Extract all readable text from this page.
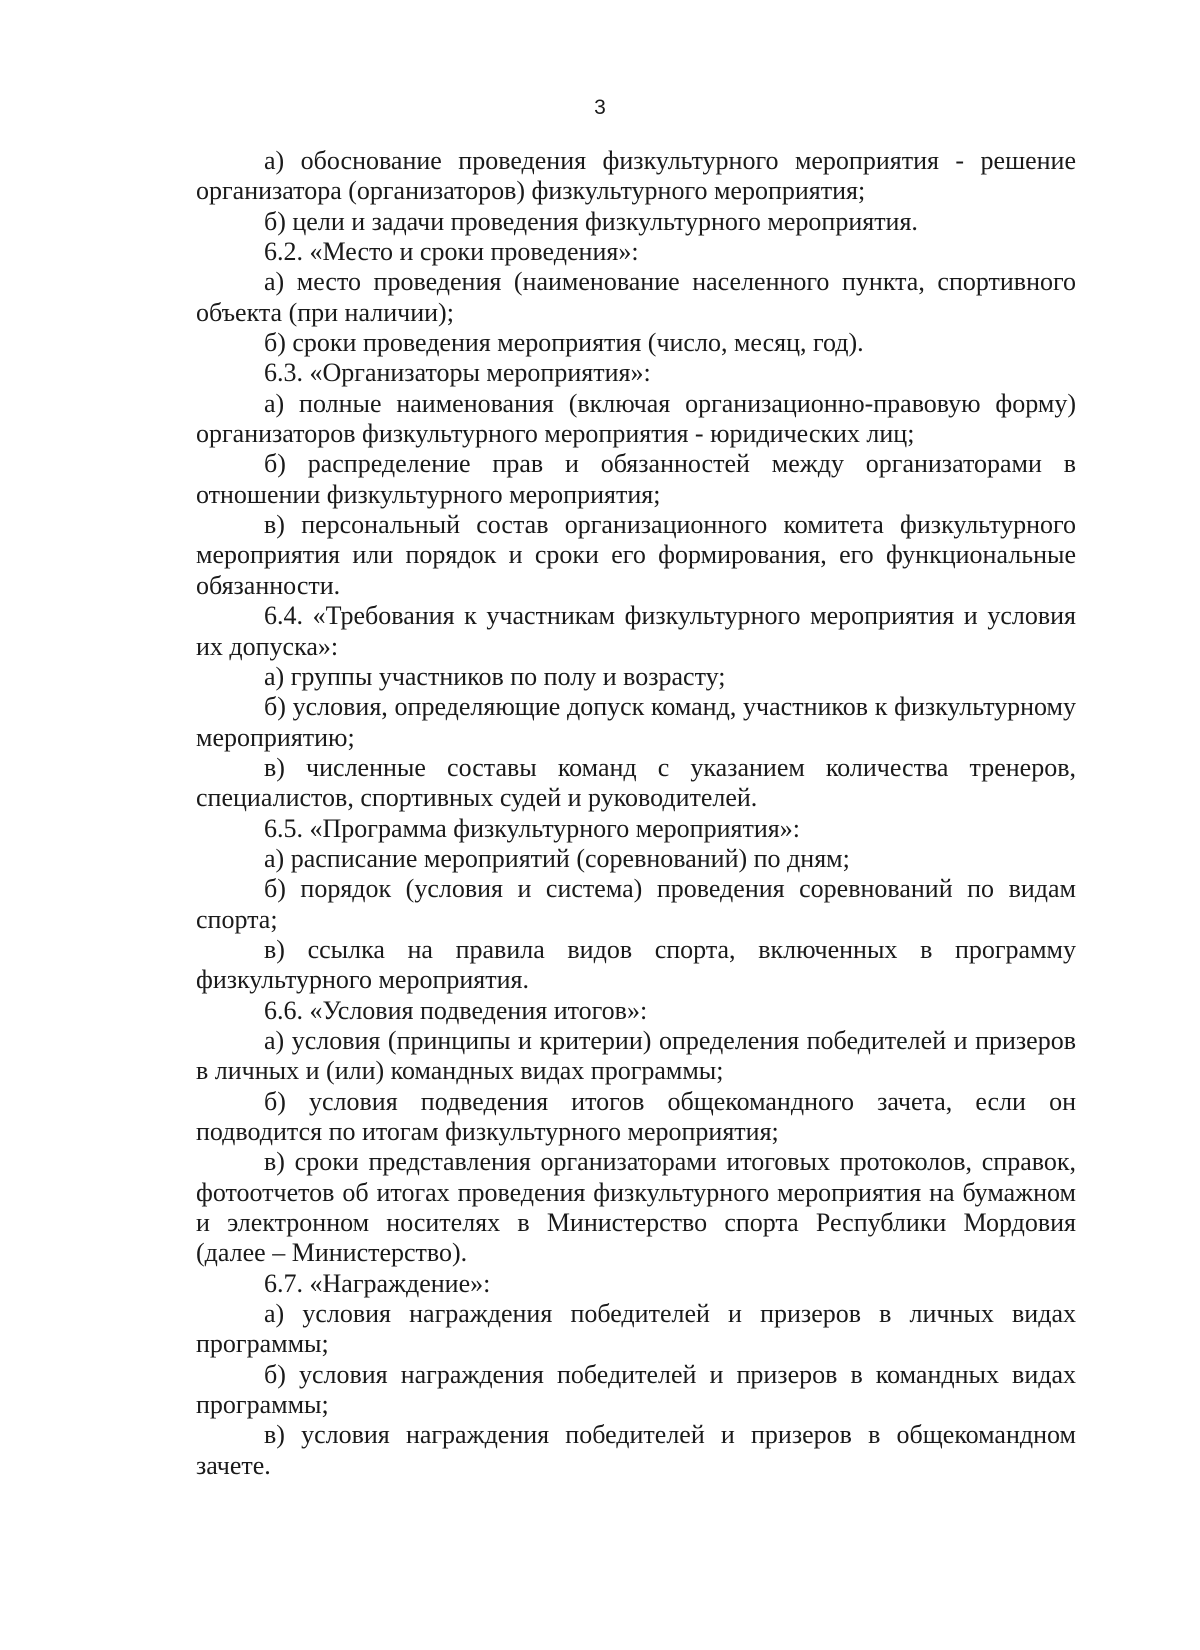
3

а) обоснование проведения физкультурного мероприятия - решение организатора (организаторов) физкультурного мероприятия;

б) цели и задачи проведения физкультурного мероприятия.

6.2. «Место и сроки проведения»:

а) место проведения (наименование населенного пункта, спортивного объекта (при наличии);

б) сроки проведения мероприятия (число, месяц, год).

6.3. «Организаторы мероприятия»:

а) полные наименования (включая организационно-правовую форму) организаторов физкультурного мероприятия - юридических лиц;

б) распределение прав и обязанностей между организаторами в отношении физкультурного мероприятия;

в) персональный состав организационного комитета физкультурного мероприятия или порядок и сроки его формирования, его функциональные обязанности.

6.4. «Требования к участникам физкультурного мероприятия и условия их допуска»:

а) группы участников по полу и возрасту;

б) условия, определяющие допуск команд, участников к физкультурному мероприятию;

в) численные составы команд с указанием количества тренеров, специалистов, спортивных судей и руководителей.

6.5. «Программа физкультурного мероприятия»:

а) расписание мероприятий (соревнований) по дням;

б) порядок (условия и система) проведения соревнований по видам спорта;

в) ссылка на правила видов спорта, включенных в программу физкультурного мероприятия.

6.6. «Условия подведения итогов»:

а) условия (принципы и критерии) определения победителей и призеров в личных и (или) командных видах программы;

б) условия подведения итогов общекомандного зачета, если он подводится по итогам физкультурного мероприятия;

в) сроки представления организаторами итоговых протоколов, справок, фотоотчетов об итогах проведения физкультурного мероприятия на бумажном и электронном носителях в Министерство спорта Республики Мордовия (далее – Министерство).

6.7. «Награждение»:

а) условия награждения победителей и призеров в личных видах программы;

б) условия награждения победителей и призеров в командных видах программы;

в) условия награждения победителей и призеров в общекомандном зачете.
